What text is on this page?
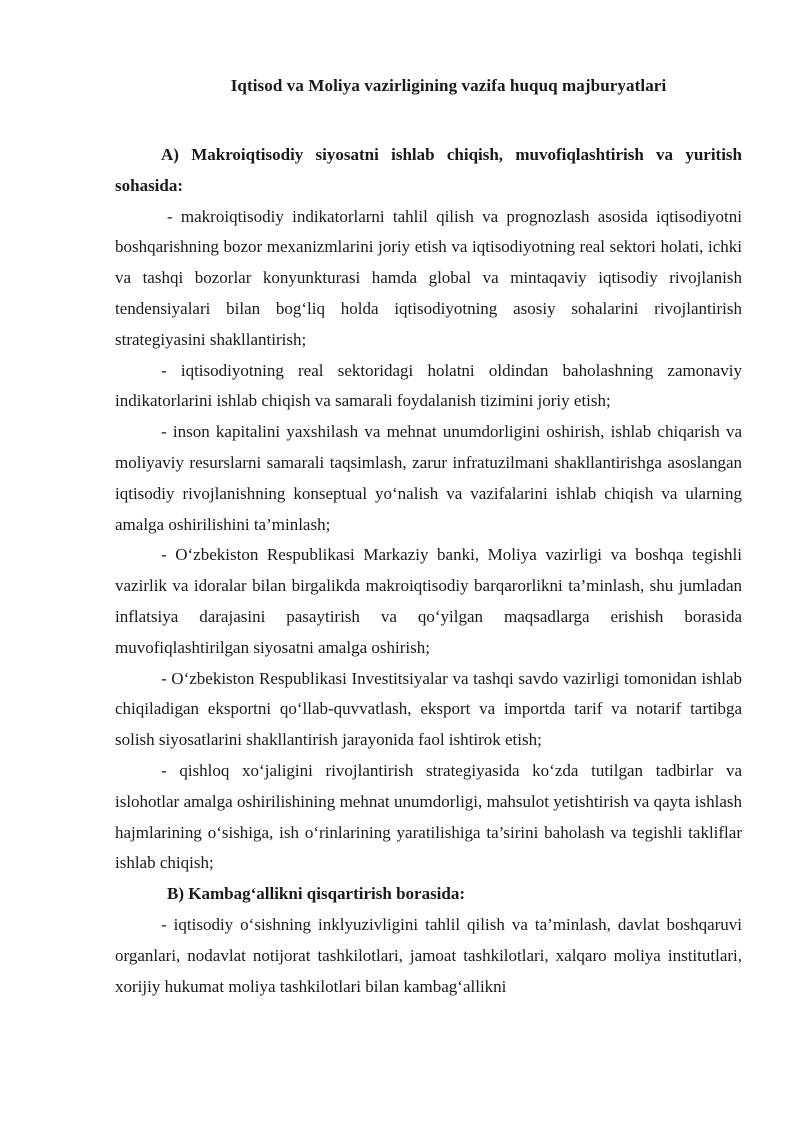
Iqtisod va Moliya vazirligining vazifa huquq majburyatlari

A) Makroiqtisodiy siyosatni ishlab chiqish, muvofiqlashtirish va yuritish sohasida:

- makroiqtisodiy indikatorlarni tahlil qilish va prognozlash asosida iqtisodiyotni boshqarishning bozor mexanizmlarini joriy etish va iqtisodiyotning real sektori holati, ichki va tashqi bozorlar konyunkturasi hamda global va mintaqaviy iqtisodiy rivojlanish tendensiyalari bilan bog‘liq holda iqtisodiyotning asosiy sohalarini rivojlantirish strategiyasini shakllantirish;

- iqtisodiyotning real sektoridagi holatni oldindan baholashning zamonaviy indikatorlarini ishlab chiqish va samarali foydalanish tizimini joriy etish;

- inson kapitalini yaxshilash va mehnat unumdorligini oshirish, ishlab chiqarish va moliyaviy resurslarni samarali taqsimlash, zarur infratuzilmani shakllantirishga asoslangan iqtisodiy rivojlanishning konseptual yo‘nalish va vazifalarini ishlab chiqish va ularning amalga oshirilishini ta’minlash;

- O‘zbekiston Respublikasi Markaziy banki, Moliya vazirligi va boshqa tegishli vazirlik va idoralar bilan birgalikda makroiqtisodiy barqarorlikni ta’minlash, shu jumladan inflatsiya darajasini pasaytirish va qo‘yilgan maqsadlarga erishish borasida muvofiqlashtirilgan siyosatni amalga oshirish;

- O‘zbekiston Respublikasi Investitsiyalar va tashqi savdo vazirligi tomonidan ishlab chiqiladigan eksportni qo‘llab-quvvatlash, eksport va importda tarif va notarif tartibga solish siyosatlarini shakllantirish jarayonida faol ishtirok etish;

- qishloq xo‘jaligini rivojlantirish strategiyasida ko‘zda tutilgan tadbirlar va islohotlar amalga oshirilishining mehnat unumdorligi, mahsulot yetishtirish va qayta ishlash hajmlarining o‘sishiga, ish o‘rinlarining yaratilishiga ta’sirini baholash va tegishli takliflar ishlab chiqish;

B) Kambag‘allikni qisqartirish borasida:

- iqtisodiy o‘sishning inklyuzivligini tahlil qilish va ta’minlash, davlat boshqaruvi organlari, nodavlat notijorat tashkilotlari, jamoat tashkilotlari, xalqaro moliya institutlari, xorijiy hukumat moliya tashkilotlari bilan kambag‘allikni
